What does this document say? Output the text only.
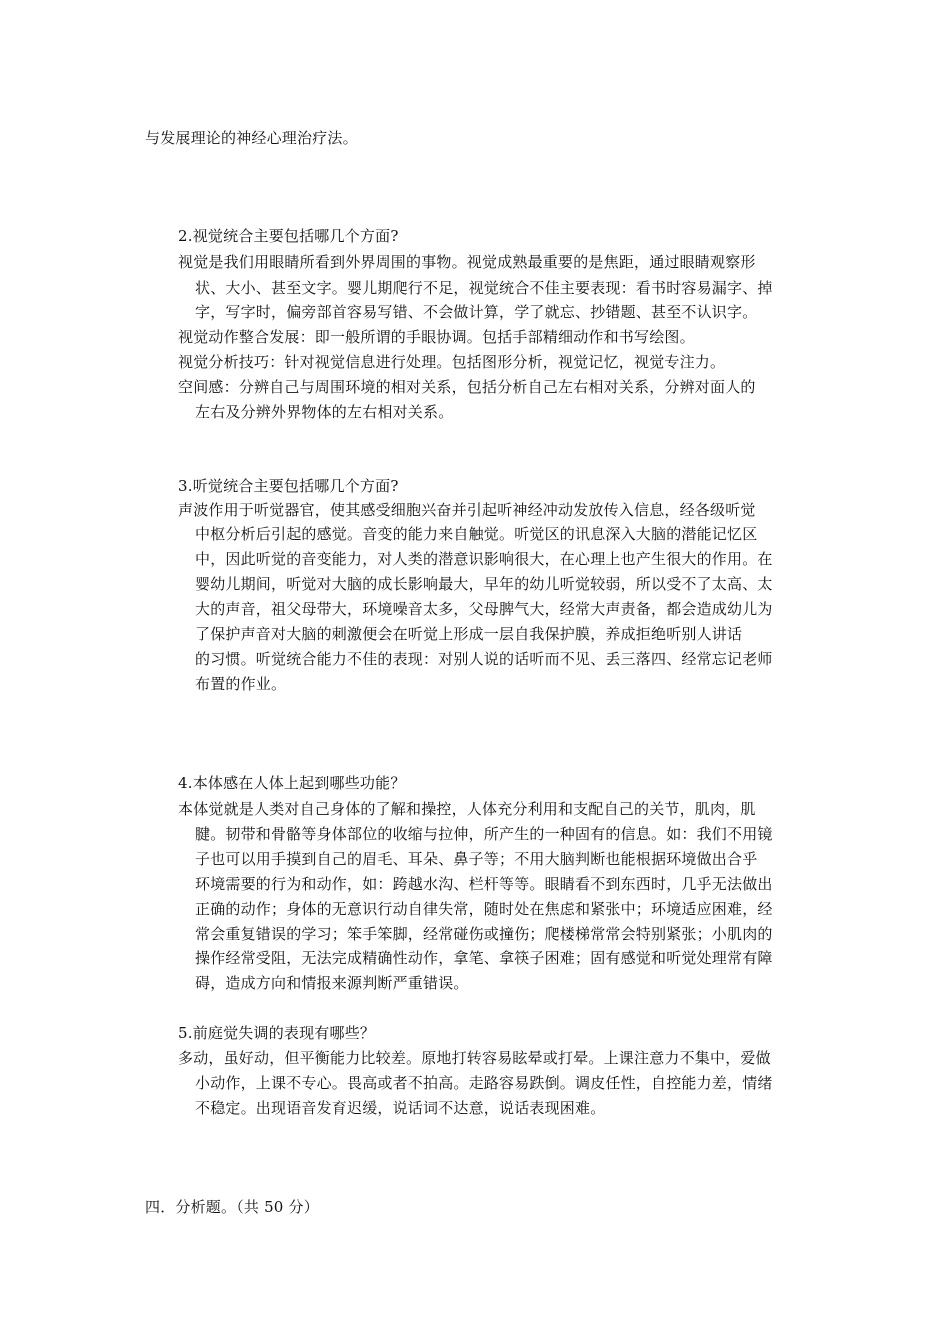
与发展理论的神经心理治疗法。
2.视觉统合主要包括哪几个方面?
视觉是我们用眼睛所看到外界周围的事物。视觉成熟最重要的是焦距，通过眼睛观察形
状、大小、甚至文字。婴儿期爬行不足，视觉统合不佳主要表现：看书时容易漏字、掉
字，写字时，偏旁部首容易写错、不会做计算，学了就忘、抄错题、甚至不认识字。
视觉动作整合发展：即一般所谓的手眼协调。包括手部精细动作和书写绘图。
视觉分析技巧：针对视觉信息进行处理。包括图形分析，视觉记忆，视觉专注力。
空间感：分辨自己与周围环境的相对关系，包括分析自己左右相对关系，分辨对面人的
左右及分辨外界物体的左右相对关系。
3.听觉统合主要包括哪几个方面?
声波作用于听觉器官，使其感受细胞兴奋并引起听神经冲动发放传入信息，经各级听觉
中枢分析后引起的感觉。音变的能力来自触觉。听觉区的讯息深入大脑的潜能记忆区
中，因此听觉的音变能力，对人类的潜意识影响很大，在心理上也产生很大的作用。在
婴幼儿期间，听觉对大脑的成长影响最大，早年的幼儿听觉较弱，所以受不了太高、太
大的声音，祖父母带大，环境噪音太多，父母脾气大，经常大声责备，都会造成幼儿为
了保护声音对大脑的刺激便会在听觉上形成一层自我保护膜，养成拒绝听别人讲话
的习惯。听觉统合能力不佳的表现：对别人说的话听而不见、丢三落四、经常忘记老师
布置的作业。
4.本体感在人体上起到哪些功能？
本体觉就是人类对自己身体的了解和操控，人体充分利用和支配自己的关节，肌肉，肌
腱。韧带和骨骼等身体部位的收缩与拉伸，所产生的一种固有的信息。如：我们不用镜
子也可以用手摸到自己的眉毛、耳朵、鼻子等；不用大脑判断也能根据环境做出合乎
环境需要的行为和动作，如：跨越水沟、栏杆等等。眼睛看不到东西时，几乎无法做出
正确的动作；身体的无意识行动自律失常，随时处在焦虑和紧张中；环境适应困难，经
常会重复错误的学习；笨手笨脚，经常碰伤或撞伤；爬楼梯常常会特别紧张；小肌肉的
操作经常受阻，无法完成精确性动作，拿笔、拿筷子困难；固有感觉和听觉处理常有障
碍，造成方向和情报来源判断严重错误。
5.前庭觉失调的表现有哪些？
多动，虽好动，但平衡能力比较差。原地打转容易眩晕或打晕。上课注意力不集中，爱做
小动作，上课不专心。畏高或者不拍高。走路容易跌倒。调皮任性，自控能力差，情绪
不稳定。出现语音发育迟缓，说话词不达意，说话表现困难。
四．分析题。（共 50 分）
